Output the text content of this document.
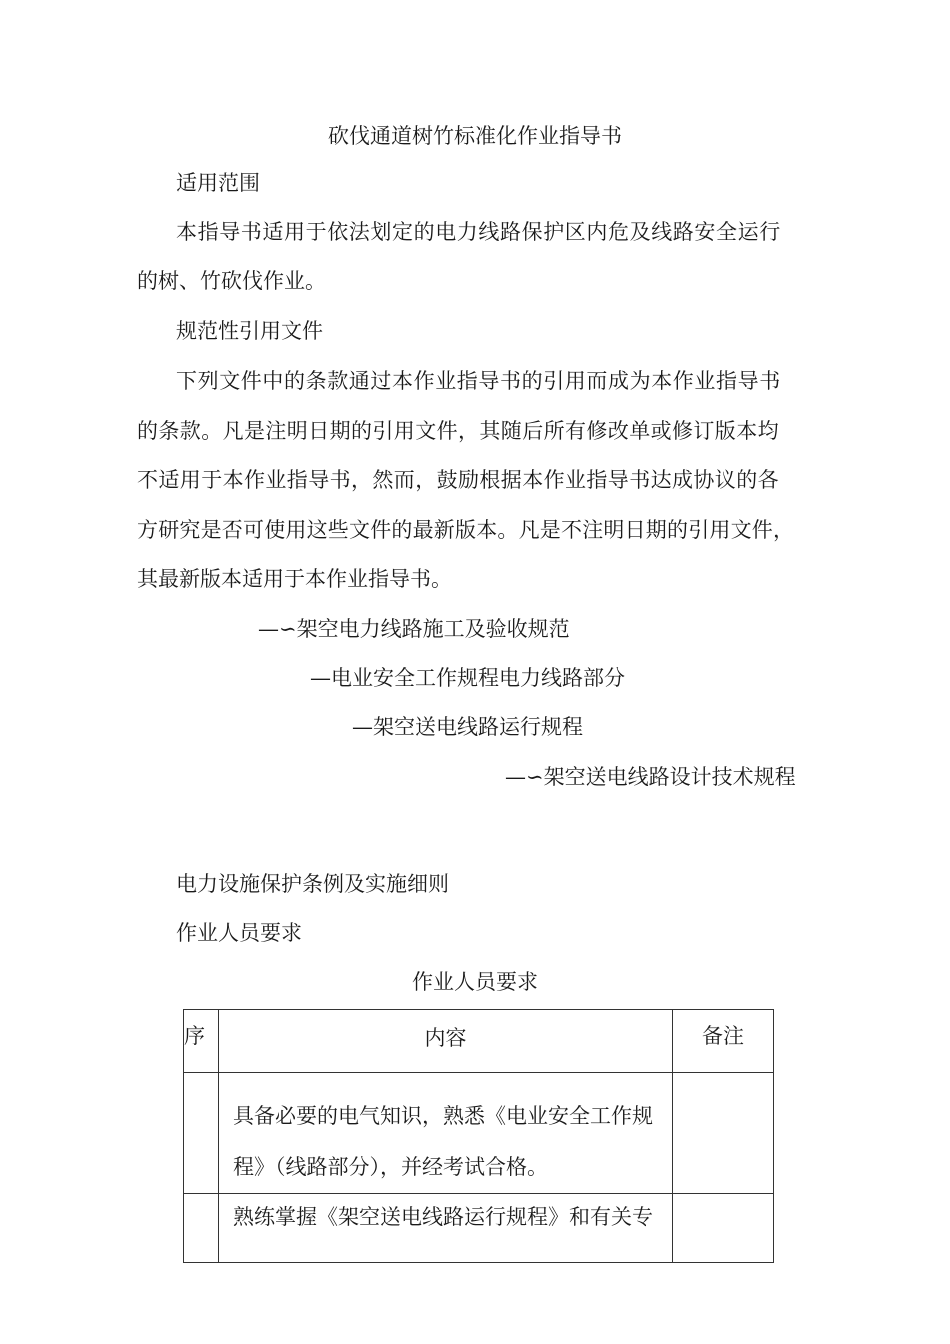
砍伐通道树竹标准化作业指导书
适用范围
本指导书适用于依法划定的电力线路保护区内危及线路安全运行
的树、竹砍伐作业。
规范性引用文件
下列文件中的条款通过本作业指导书的引用而成为本作业指导书
的条款。凡是注明日期的引用文件，其随后所有修改单或修订版本均
不适用于本作业指导书，然而，鼓励根据本作业指导书达成协议的各
方研究是否可使用这些文件的最新版本。凡是不注明日期的引用文件，
其最新版本适用于本作业指导书。
—∽架空电力线路施工及验收规范
—电业安全工作规程电力线路部分
—架空送电线路运行规程
—∽架空送电线路设计技术规程
电力设施保护条例及实施细则
作业人员要求
作业人员要求
序	内容	备注
	具备必要的电气知识，熟悉《电业安全工作规程》（线路部分），并经考试合格。	
	熟练掌握《架空送电线路运行规程》和有关专	
